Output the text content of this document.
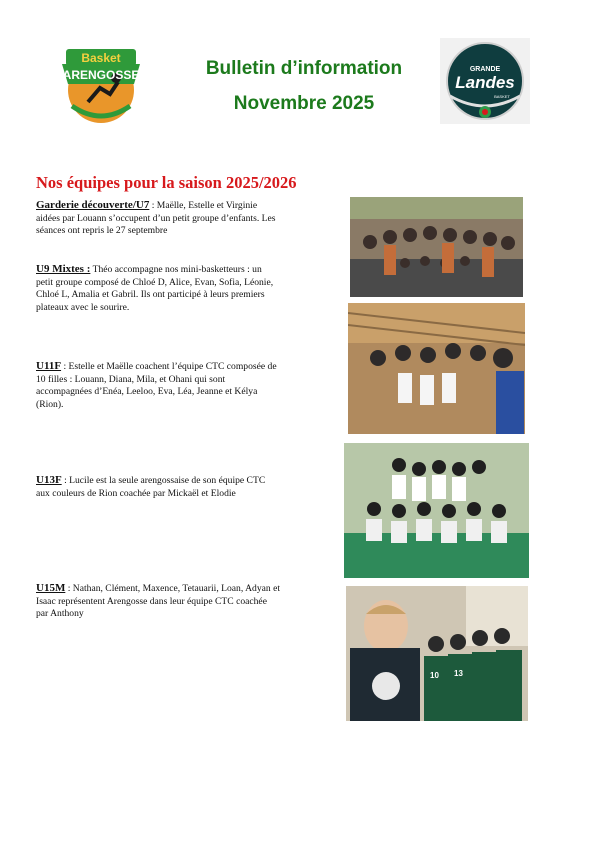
Basket
ARENGOSSE	Bulletin d’information
Novembre 2025
GRANDE
Landes
BASKET
Nos équipes pour la saison 2025/2026
Garderie découverte/U7 : Maëlle, Estelle et Virginie aidées par Louann s’occupent d’un petit groupe d’enfants. Les séances ont repris le 27 septembre
U9 Mixtes : Théo accompagne nos mini-basketteurs : un petit groupe composé de Chloé D, Alice, Evan, Sofia, Léonie, Chloé L, Amalia et Gabril. Ils ont participé à leurs premiers plateaux avec le sourire.
U11F : Estelle et Maëlle coachent l’équipe CTC composée de 10 filles : Louann, Diana, Mila, et Ohani qui sont accompagnées d’Enéa, Leeloo, Eva, Léa, Jeanne et Kélya (Rion).
U13F : Lucile est la seule arengossaise de son équipe CTC aux couleurs de Rion coachée par Mickaël et Elodie
U15M : Nathan, Clément, Maxence, Tetauarii, Loan, Adyan et Isaac représentent Arengosse dans leur équipe CTC coachée par Anthony
10 13
